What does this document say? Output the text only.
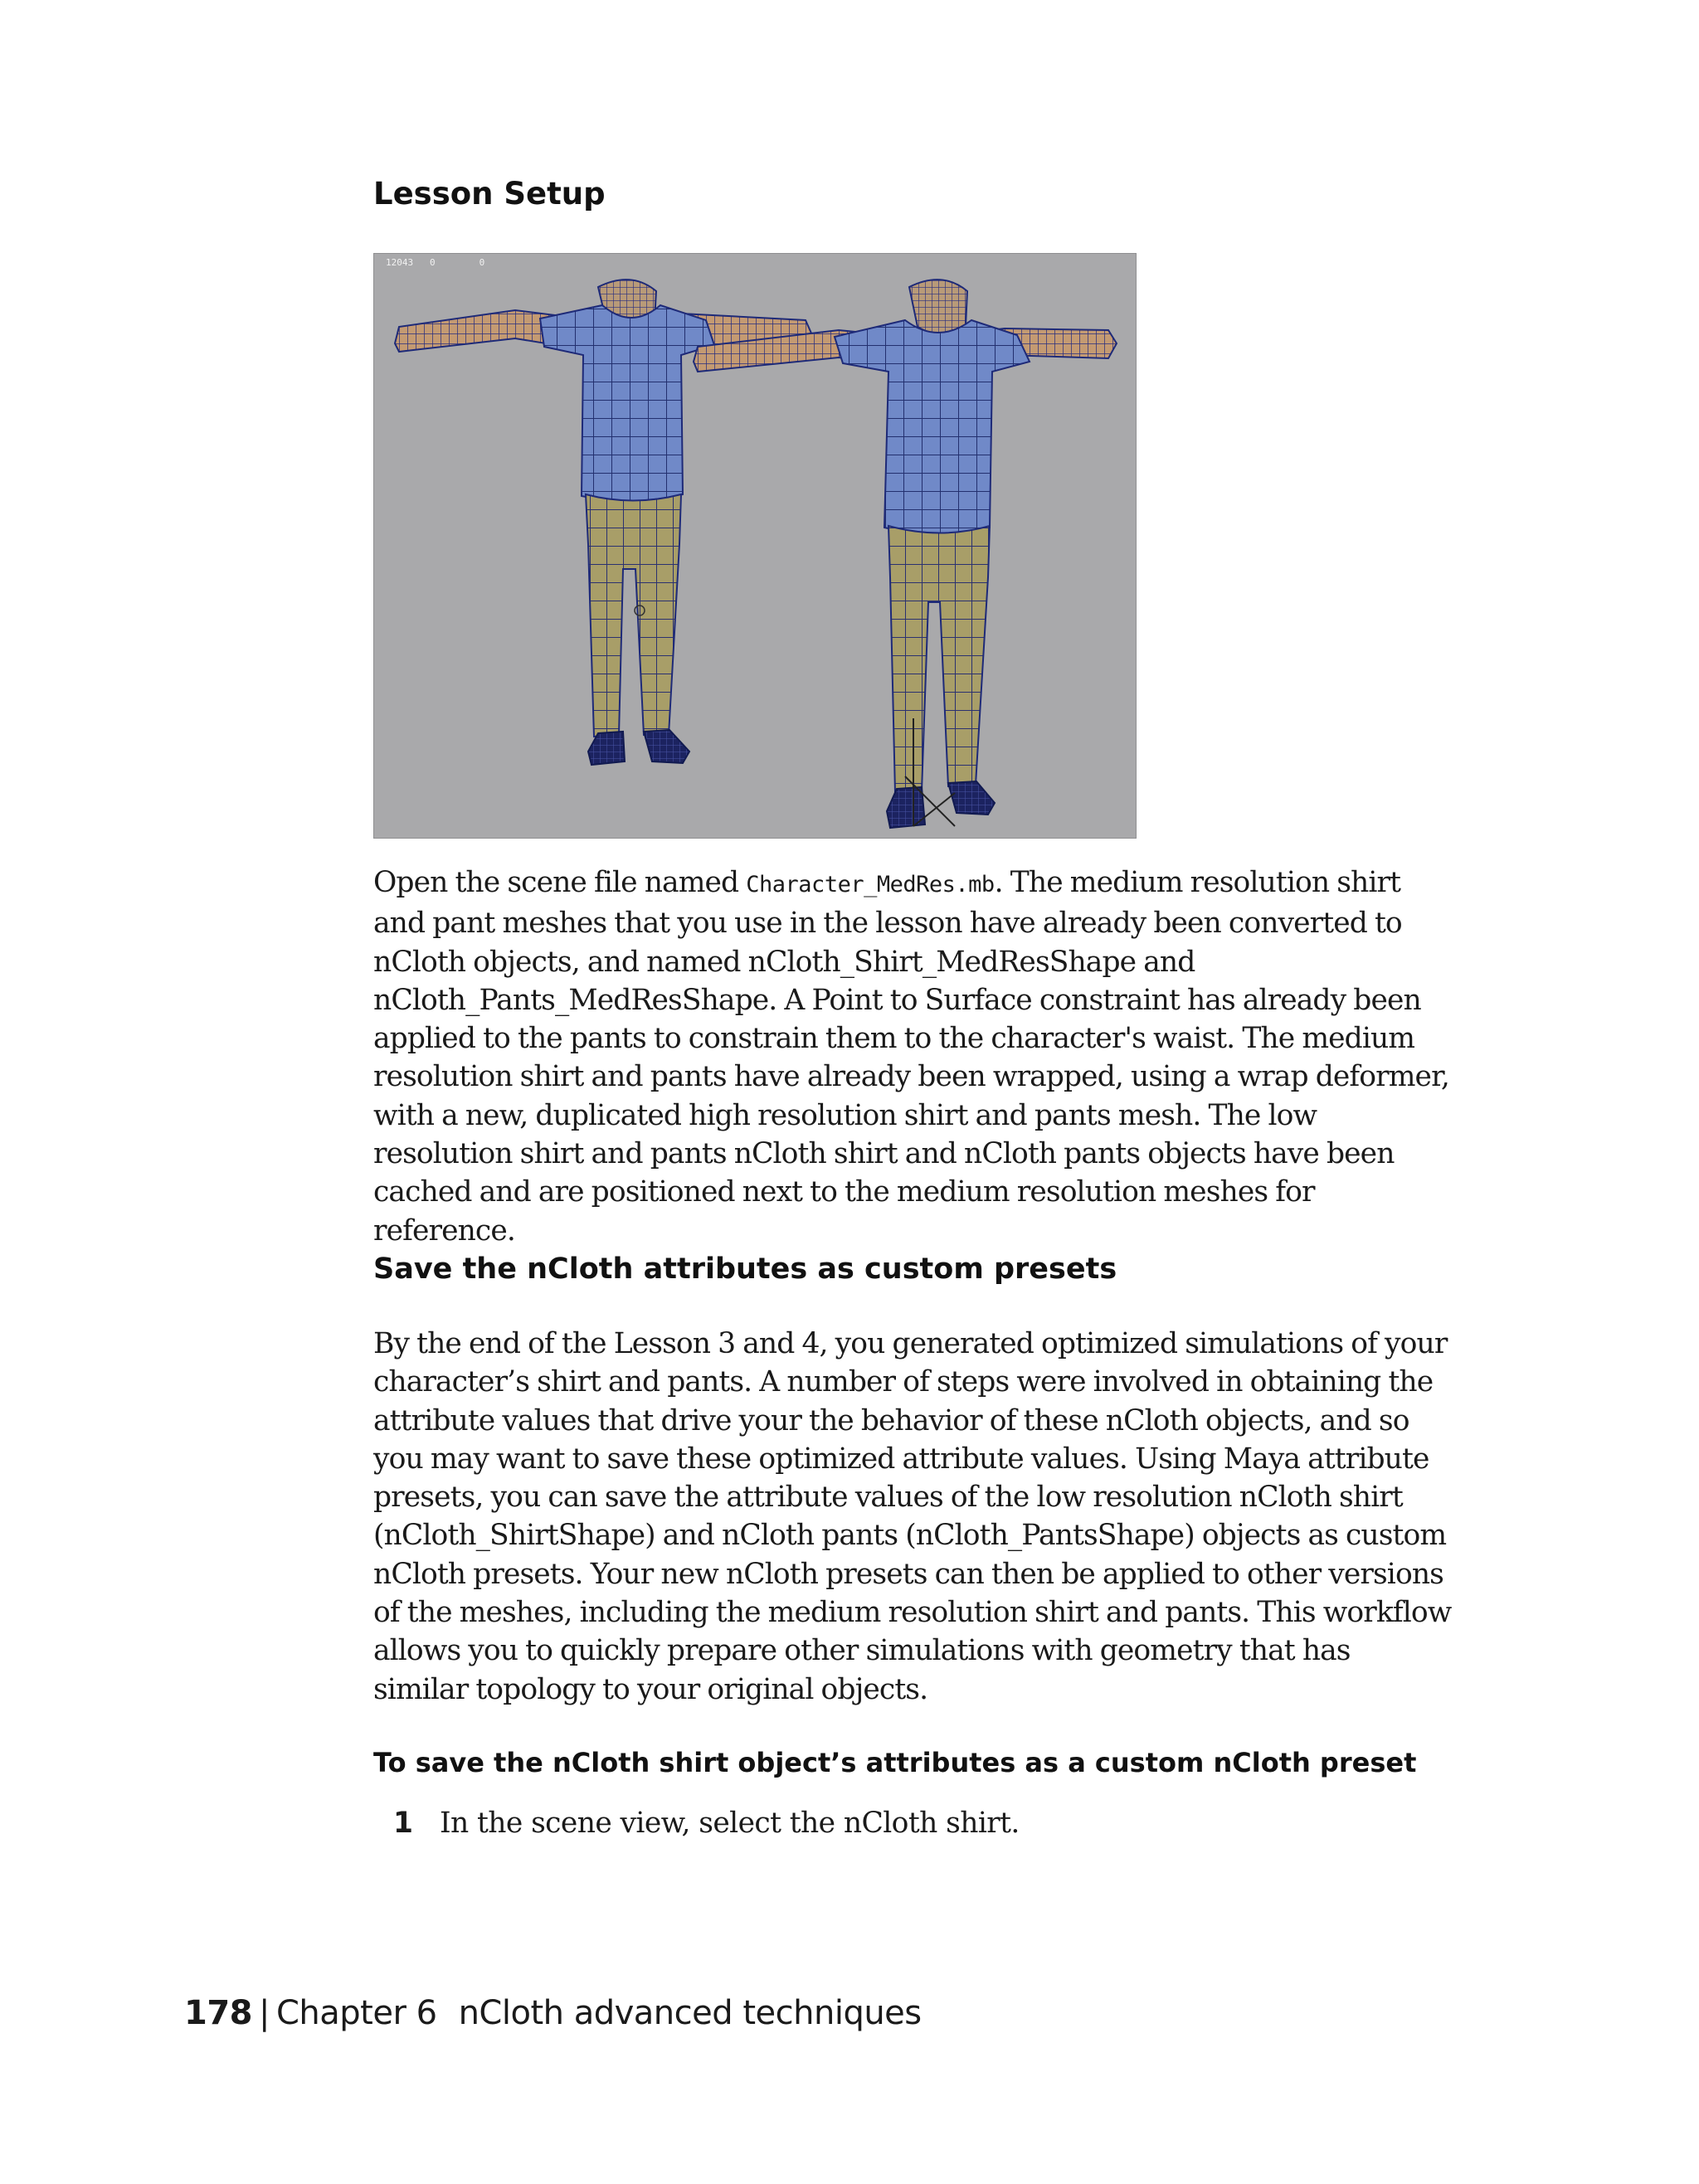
Lesson Setup
12043   0        0

Open the scene file named Character_MedRes.mb. The medium resolution shirt and pant meshes that you use in the lesson have already been converted to nCloth objects, and named nCloth_Shirt_MedResShape and nCloth_Pants_MedResShape. A Point to Surface constraint has already been applied to the pants to constrain them to the character's waist. The medium resolution shirt and pants have already been wrapped, using a wrap deformer, with a new, duplicated high resolution shirt and pants mesh. The low resolution shirt and pants nCloth shirt and nCloth pants objects have been cached and are positioned next to the medium resolution meshes for reference.

Save the nCloth attributes as custom presets

By the end of the Lesson 3 and 4, you generated optimized simulations of your character’s shirt and pants. A number of steps were involved in obtaining the attribute values that drive your the behavior of these nCloth objects, and so you may want to save these optimized attribute values. Using Maya attribute presets, you can save the attribute values of the low resolution nCloth shirt (nCloth_ShirtShape) and nCloth pants (nCloth_PantsShape) objects as custom nCloth presets. Your new nCloth presets can then be applied to other versions of the meshes, including the medium resolution shirt and pants. This workflow allows you to quickly prepare other simulations with geometry that has similar topology to your original objects.

To save the nCloth shirt object’s attributes as a custom nCloth preset
1 In the scene view, select the nCloth shirt.
178 | Chapter 6 nCloth advanced techniques
